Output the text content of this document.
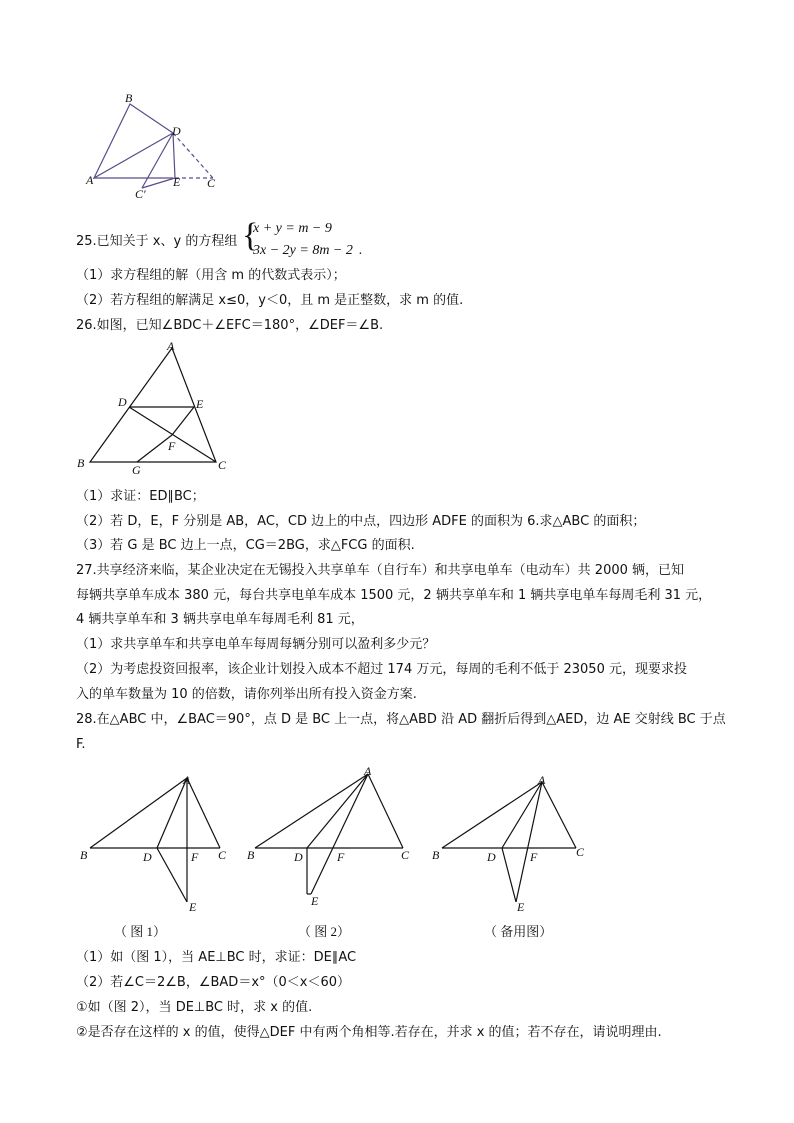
B
D
A
C′
E C
25.已知关于 x、y 的方程组 {
x + y = m − 9
3x − 2y = 8m − 2 .
（1）求方程组的解（用含 m 的代数式表示）；
（2）若方程组的解满足 x≤0，y＜0，且 m 是正整数，求 m 的值.
26.如图，已知∠BDC＋∠EFC＝180°，∠DEF＝∠B.
A
D	E
F
B	G	C
（1）求证：ED∥BC；
（2）若 D，E，F 分别是 AB，AC，CD 边上的中点，四边形 ADFE 的面积为 6.求△ABC 的面积；
（3）若 G 是 BC 边上一点，CG＝2BG，求△FCG 的面积.
27.共享经济来临，某企业决定在无锡投入共享单车（自行车）和共享电单车（电动车）共 2000 辆，已知
每辆共享单车成本 380 元，每台共享电单车成本 1500 元，2 辆共享单车和 1 辆共享电单车每周毛利 31 元，
4 辆共享单车和 3 辆共享电单车每周毛利 81 元，
（1）求共享单车和共享电单车每周每辆分别可以盈利多少元？
（2）为考虑投资回报率，该企业计划投入成本不超过 174 万元，每周的毛利不低于 23050 元，现要求投
入的单车数量为 10 的倍数，请你列举出所有投入资金方案.
28.在△ABC 中，∠BAC＝90°，点 D 是 BC 上一点，将△ABD 沿 AD 翻折后得到△AED，边 AE 交射线 BC 于点
F.
A
B	D	F C
E
（ 图 1）
A
B	D	F	C
E
（ 图 2）
A
B	D	F	C
E
（ 备用图）
（1）如（图 1），当 AE⊥BC 时，求证：DE∥AC
（2）若∠C＝2∠B，∠BAD＝x°（0＜x＜60）
①如（图 2），当 DE⊥BC 时，求 x 的值.
②是否存在这样的 x 的值，使得△DEF 中有两个角相等.若存在，并求 x 的值；若不存在，请说明理由.
